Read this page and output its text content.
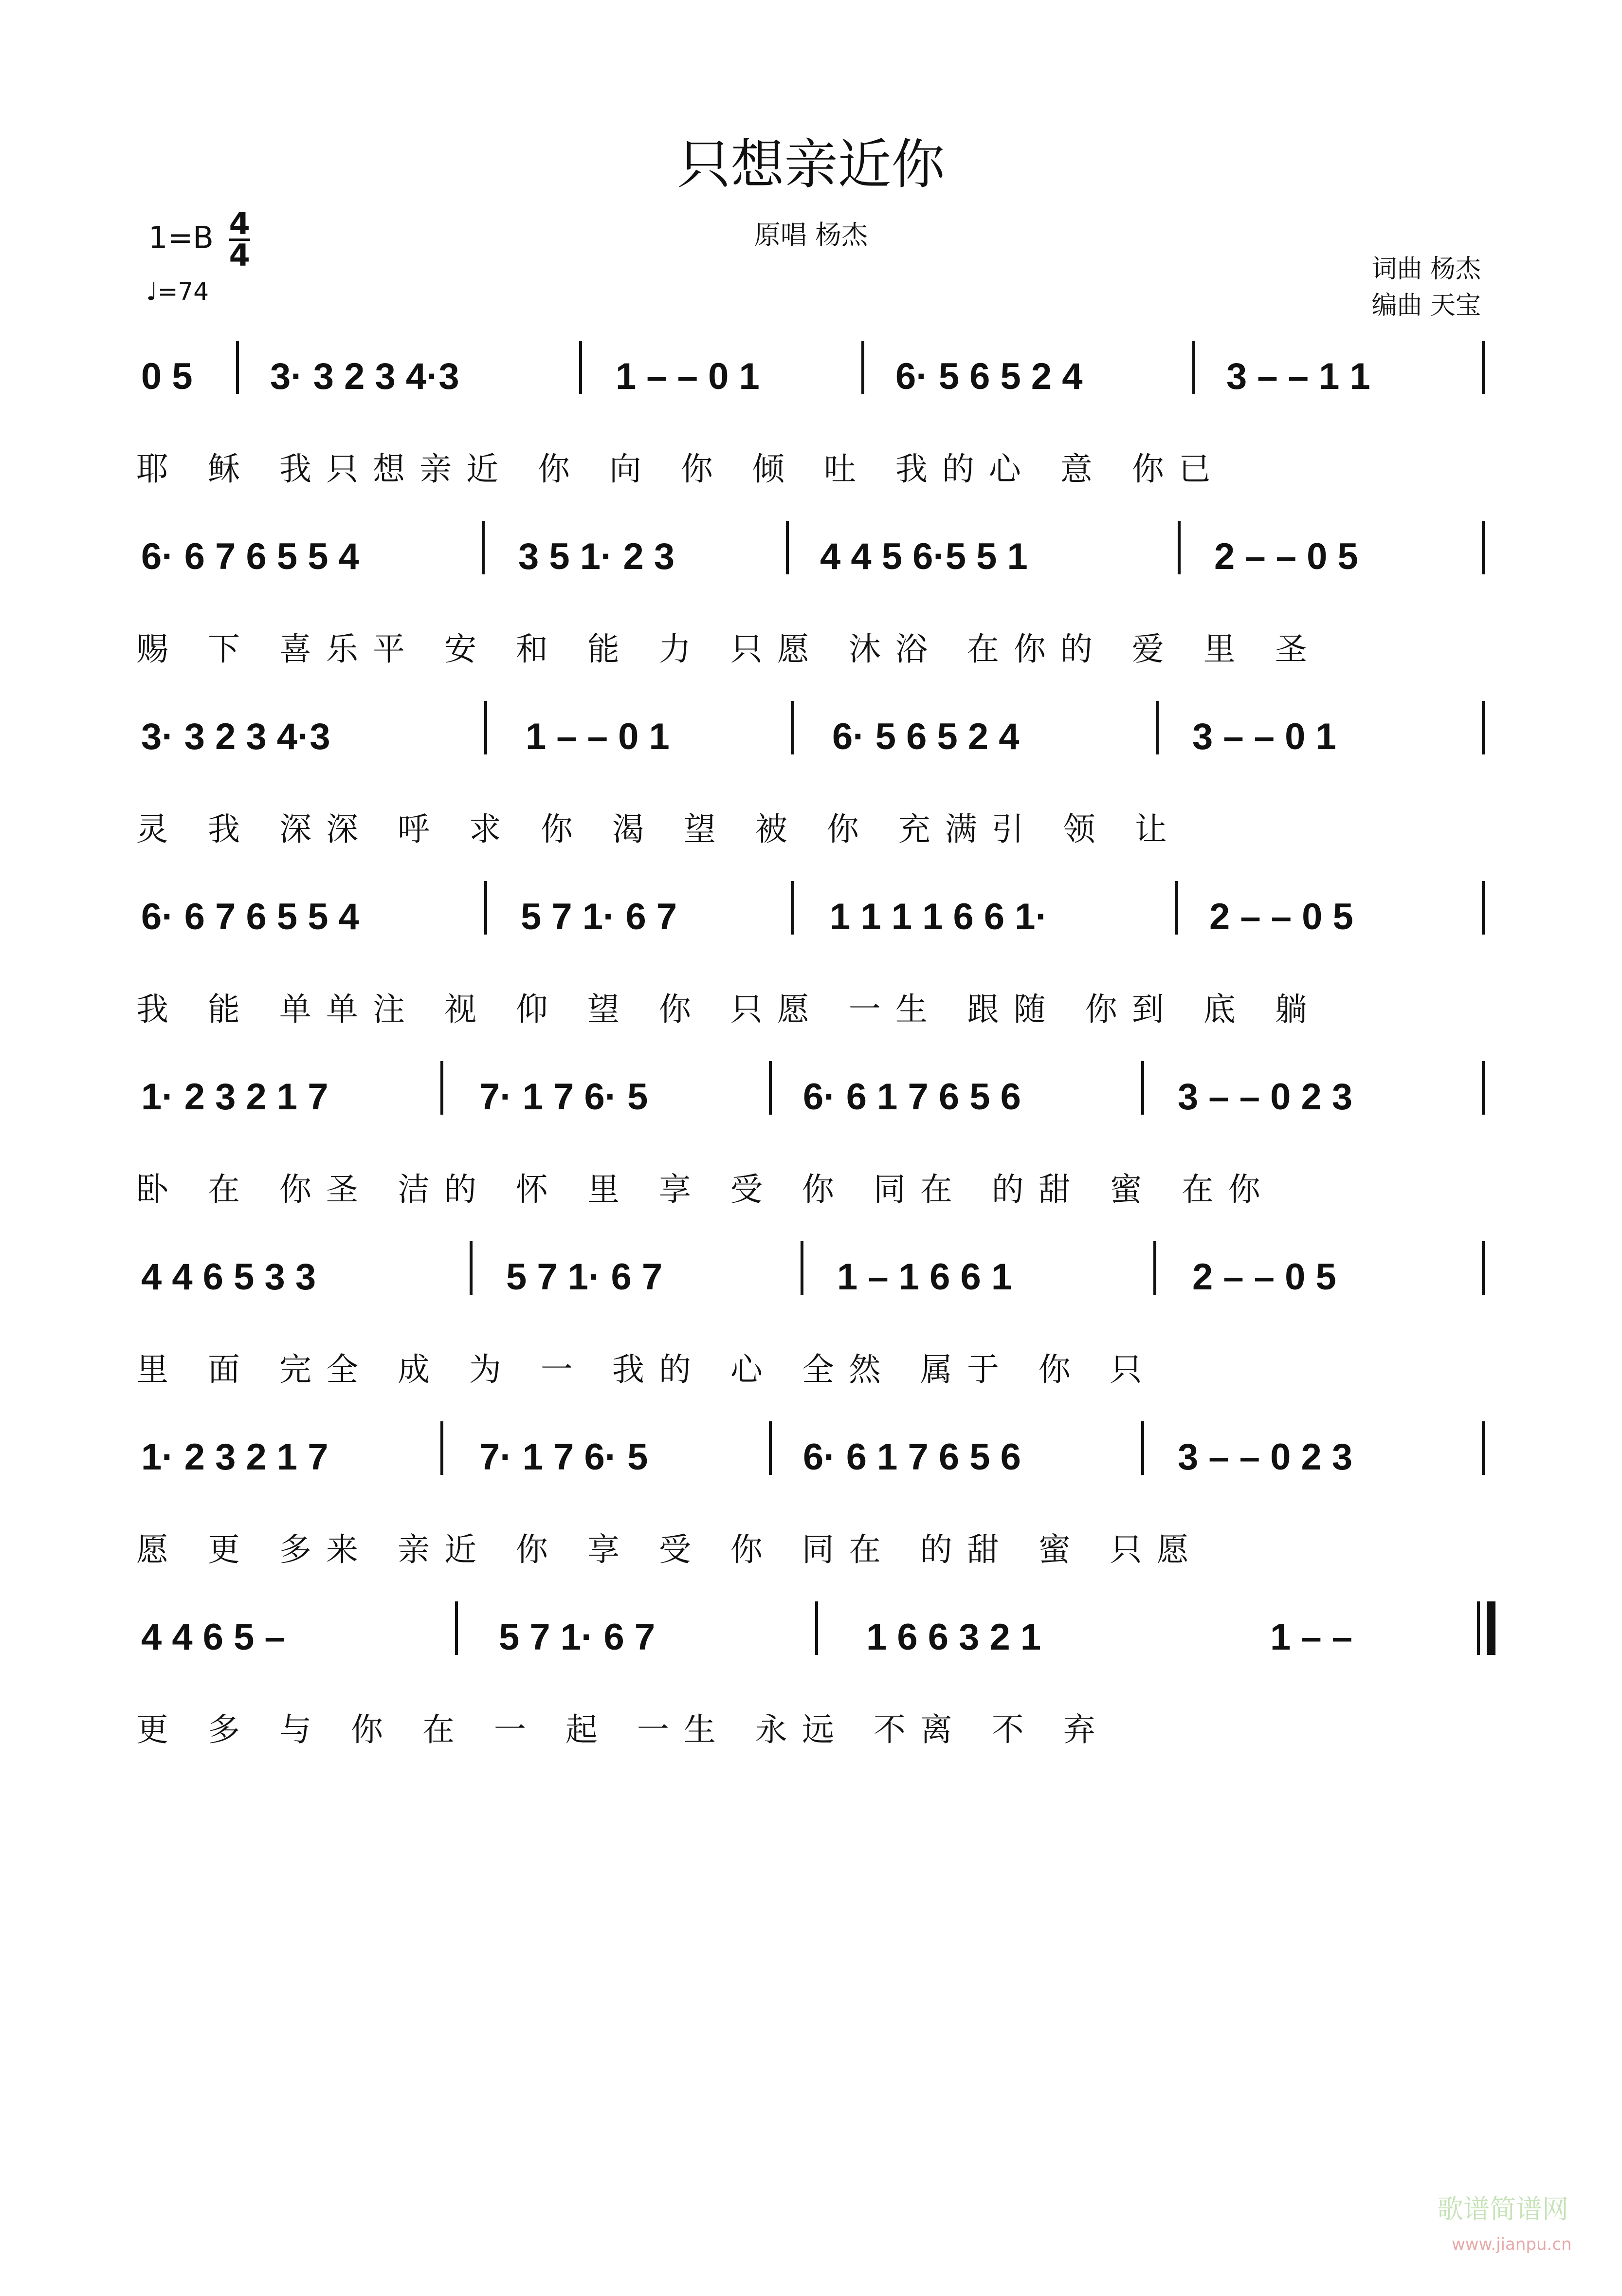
只想亲近你
$1=B \frac{4}{4}$
♩=74
原唱 杨杰
词曲 杨杰
编曲 天宝
0 5 3· 3 2 3 4·3	1 – – 0 1	6· 5 6 5 2 4	3 – – 1 1
耶 稣 我只想亲近 你 向 你 倾 吐 我的心 意 你已
6· 6 7 6 5 5 4	3 5 1· 2 3	4 4 5 6·5 5 1	2 – – 0 5
赐 下 喜乐平 安 和 能 力 只愿 沐浴 在你的 爱 里 圣
3· 3 2 3 4·3	1 – – 0 1	6· 5 6 5 2 4	3 – – 0 1
灵 我 深深 呼 求 你 渴 望 被 你 充满引 领 让
6· 6 7 6 5 5 4	5 7 1· 6 7	1 1 1 1 6 6 1·	2 – – 0 5
我 能 单单注 视 仰 望 你 只愿 一生 跟随 你到 底 躺
1· 2 3 2 1 7	7· 1 7 6· 5	6· 6 1 7 6 5 6	3 – – 0 2 3
卧 在 你圣 洁的 怀 里 享 受 你 同在 的甜 蜜 在你
4 4 6 5 3 3	5 7 1· 6 7	1 – 1 6 6 1	2 – – 0 5
里 面 完全 成 为 一 我的 心 全然 属于 你 只
1· 2 3 2 1 7	7· 1 7 6· 5	6· 6 1 7 6 5 6	3 – – 0 2 3
愿 更 多来 亲近 你 享 受 你 同在 的甜 蜜 只愿
4 4 6 5 –	5 7 1· 6 7	1 6 6 3 2 1	1 – –
更 多 与 你 在 一 起 一生 永远 不离 不 弃
歌谱简谱网
www.jianpu.cn
